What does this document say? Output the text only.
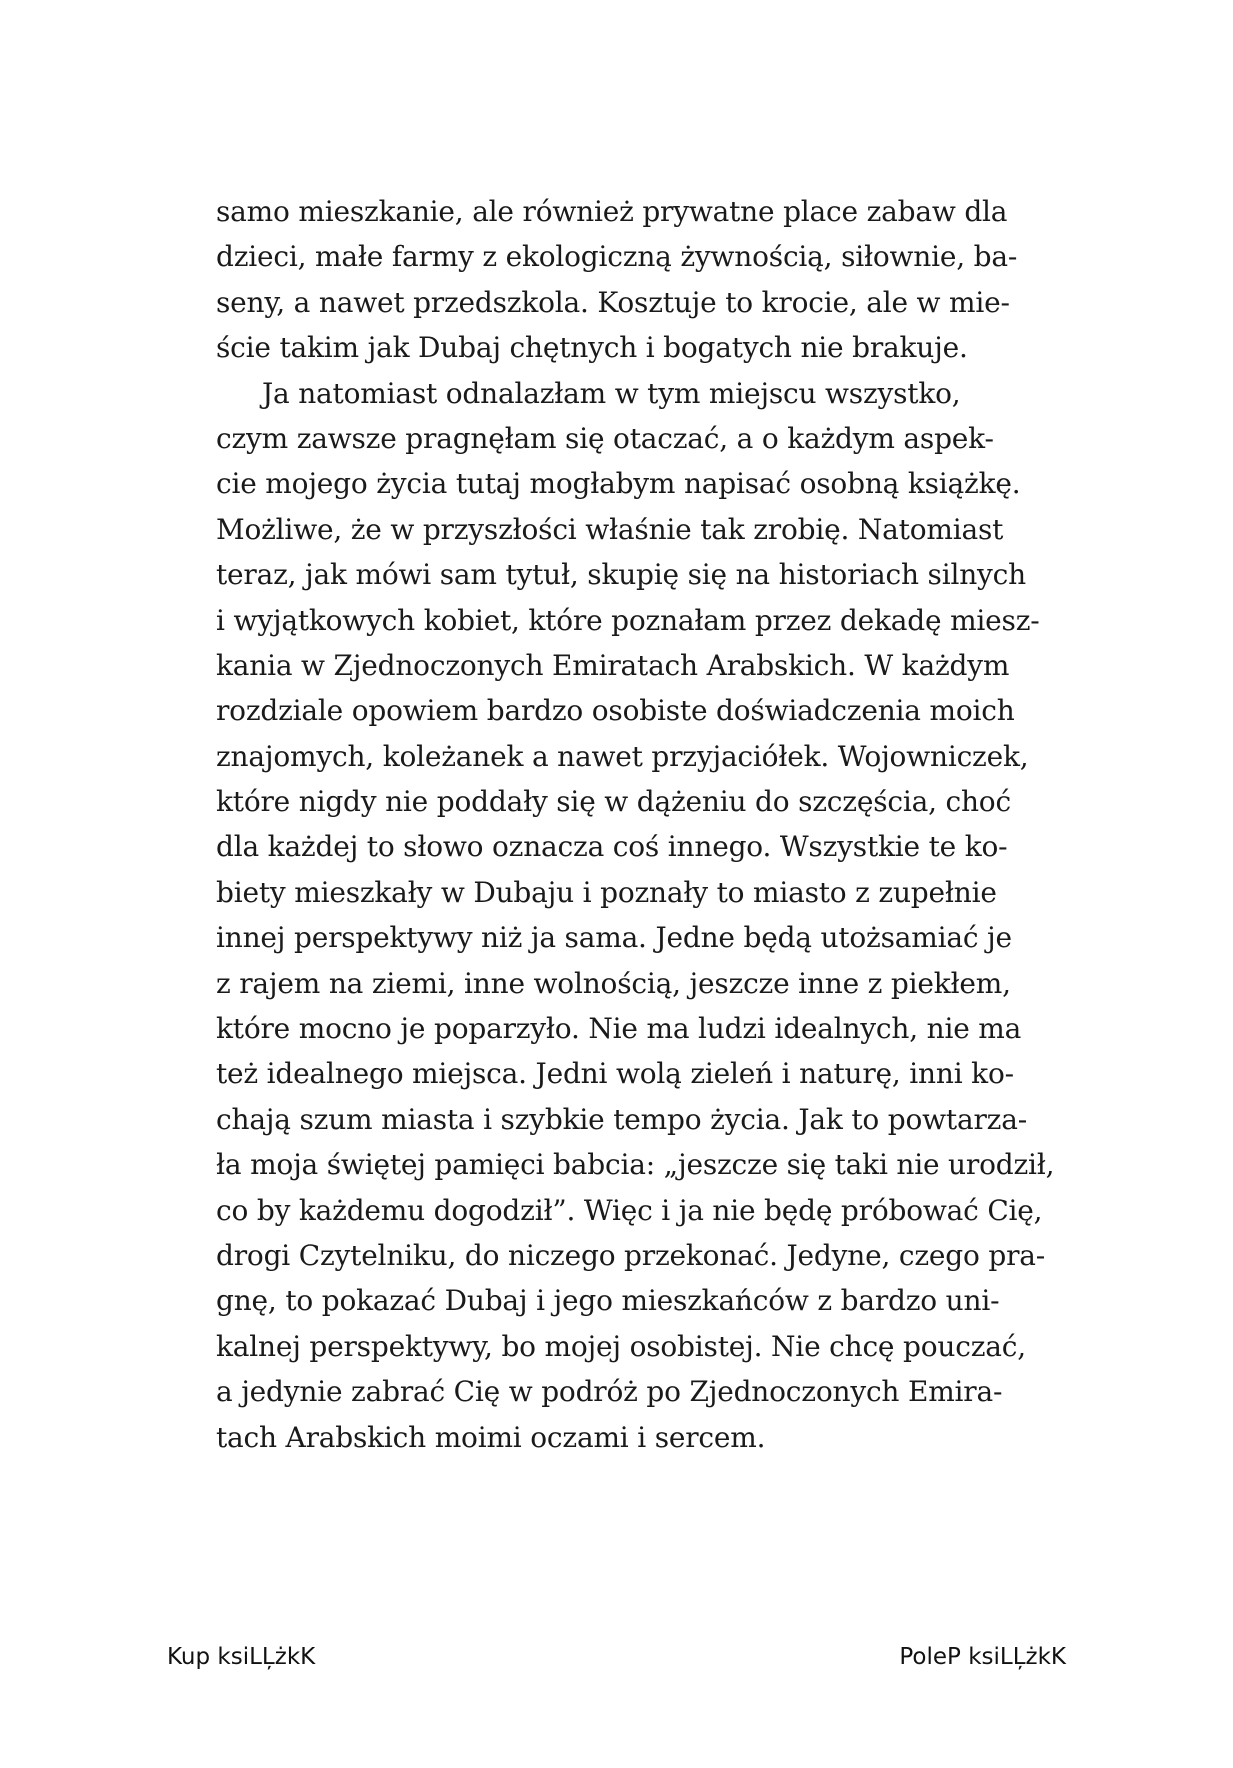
samo mieszkanie, ale również prywatne place zabaw dla
dzieci, małe farmy z ekologiczną żywnością, siłownie, ba-
seny, a nawet przedszkola. Kosztuje to krocie, ale w mie-
ście takim jak Dubaj chętnych i bogatych nie brakuje.
Ja natomiast odnalazłam w tym miejscu wszystko,
czym zawsze pragnęłam się otaczać, a o każdym aspek-
cie mojego życia tutaj mogłabym napisać osobną książkę.
Możliwe, że w przyszłości właśnie tak zrobię. Natomiast
teraz, jak mówi sam tytuł, skupię się na historiach silnych
i wyjątkowych kobiet, które poznałam przez dekadę miesz-
kania w Zjednoczonych Emiratach Arabskich. W każdym
rozdziale opowiem bardzo osobiste doświadczenia moich
znajomych, koleżanek a nawet przyjaciółek. Wojowniczek,
które nigdy nie poddały się w dążeniu do szczęścia, choć
dla każdej to słowo oznacza coś innego. Wszystkie te ko-
biety mieszkały w Dubaju i poznały to miasto z zupełnie
innej perspektywy niż ja sama. Jedne będą utożsamiać je
z rajem na ziemi, inne wolnością, jeszcze inne z piekłem,
które mocno je poparzyło. Nie ma ludzi idealnych, nie ma
też idealnego miejsca. Jedni wolą zieleń i naturę, inni ko-
chają szum miasta i szybkie tempo życia. Jak to powtarza-
ła moja świętej pamięci babcia: „jeszcze się taki nie urodził,
co by każdemu dogodził”. Więc i ja nie będę próbować Cię,
drogi Czytelniku, do niczego przekonać. Jedyne, czego pra-
gnę, to pokazać Dubaj i jego mieszkańców z bardzo uni-
kalnej perspektywy, bo mojej osobistej. Nie chcę pouczać,
a jedynie zabrać Cię w podróż po Zjednoczonych Emira-
tach Arabskich moimi oczami i sercem.
Kup ksiLĻżkK	PoleP ksiLĻżkK
